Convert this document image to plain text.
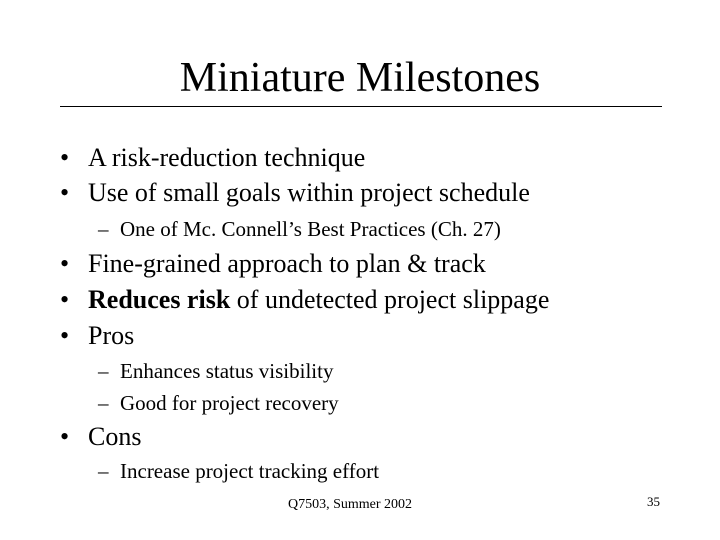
Miniature Milestones
• A risk-reduction technique
• Use of small goals within project schedule
– One of Mc. Connell’s Best Practices (Ch. 27)
• Fine-grained approach to plan & track
• Reduces risk of undetected project slippage
• Pros
– Enhances status visibility
– Good for project recovery
• Cons
– Increase project tracking effort
Q7503, Summer 2002	35
